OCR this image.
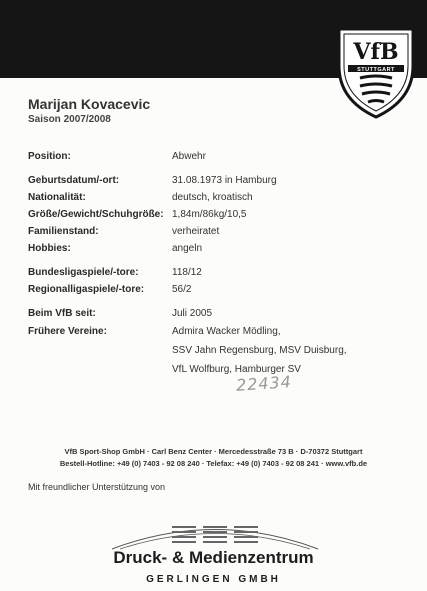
VfB
STUTTGART
Marijan Kovacevic
Saison 2007/2008
Position:	Abwehr
Geburtsdatum/-ort:	31.08.1973 in Hamburg
Nationalität:	deutsch, kroatisch
Größe/Gewicht/Schuhgröße: 1,84m/86kg/10,5
Familienstand:	verheiratet
Hobbies:	angeln
Bundesligaspiele/-tore:	118/12
Regionalligaspiele/-tore:	56/2
Beim VfB seit:	Juli 2005
Frühere Vereine:	Admira Wacker Mödling,
SSV Jahn Regensburg, MSV Duisburg,
VfL Wolfburg, Hamburger SV
22434
VfB Sport-Shop GmbH · Carl Benz Center · Mercedesstraße 73 B · D-70372 Stuttgart
Bestell-Hotline: +49 (0) 7403 - 92 08 240 · Telefax: +49 (0) 7403 - 92 08 241 · www.vfb.de
Mit freundlicher Unterstützung von
Druck- & Medienzentrum
GERLINGEN GMBH
